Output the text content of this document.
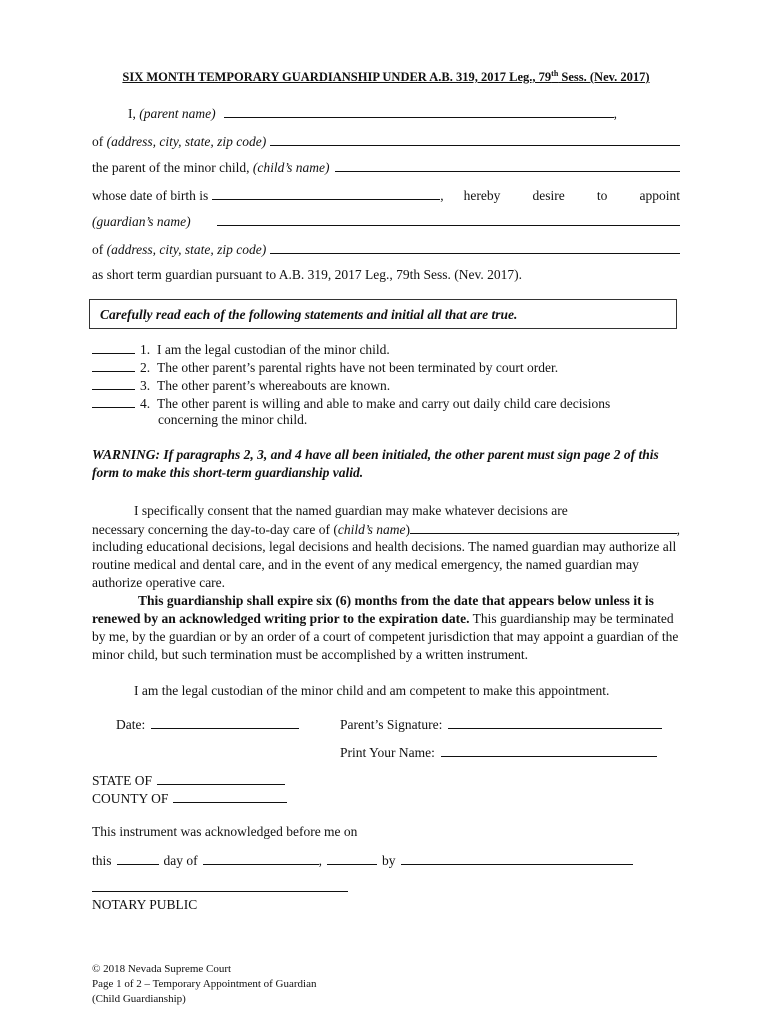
SIX MONTH TEMPORARY GUARDIANSHIP UNDER A.B. 319, 2017 Leg., 79th Sess. (Nev. 2017)
I,
(parent name)	,
of
(address, city, state, zip code)
the parent of the minor child,
(child’s name)
whose date of birth is	, hereby desire to appoint
(guardian’s name)
of
(address, city, state, zip code)
as short term guardian pursuant to A.B. 319, 2017 Leg., 79th Sess. (Nev. 2017).
Carefully read each of the following statements and initial all that are true.
1. I am the legal custodian of the minor child.
2. The other parent’s parental rights have not been terminated by court order.
3. The other parent’s whereabouts are known.
4. The other parent is willing and able to make and carry out daily child care decisions
concerning the minor child.
WARNING: If paragraphs 2, 3, and 4 have all been initialed, the other parent must sign page 2 of this form to make this short-term guardianship valid.
I specifically consent that the named guardian may make whatever decisions are
necessary concerning the day-to-day care of ( child’s name )	,
including educational decisions, legal decisions and health decisions. The named guardian may authorize all routine medical and dental care, and in the event of any medical emergency, the named guardian may authorize operative care.
This guardianship shall expire six (6) months from the date that appears below unless it is renewed by an acknowledged writing prior to the expiration date. This guardianship may be terminated by me, by the guardian or by an order of a court of competent jurisdiction that may appoint a guardian of the minor child, but such termination must be accomplished by a written instrument.
I am the legal custodian of the minor child and am competent to make this appointment.
Date:	Parent’s Signature:
Print Your Name:
STATE OF
COUNTY OF
This instrument was acknowledged before me on
this	day of	,	by
NOTARY PUBLIC
© 2018 Nevada Supreme Court
Page 1 of 2 – Temporary Appointment of Guardian
(Child Guardianship)
